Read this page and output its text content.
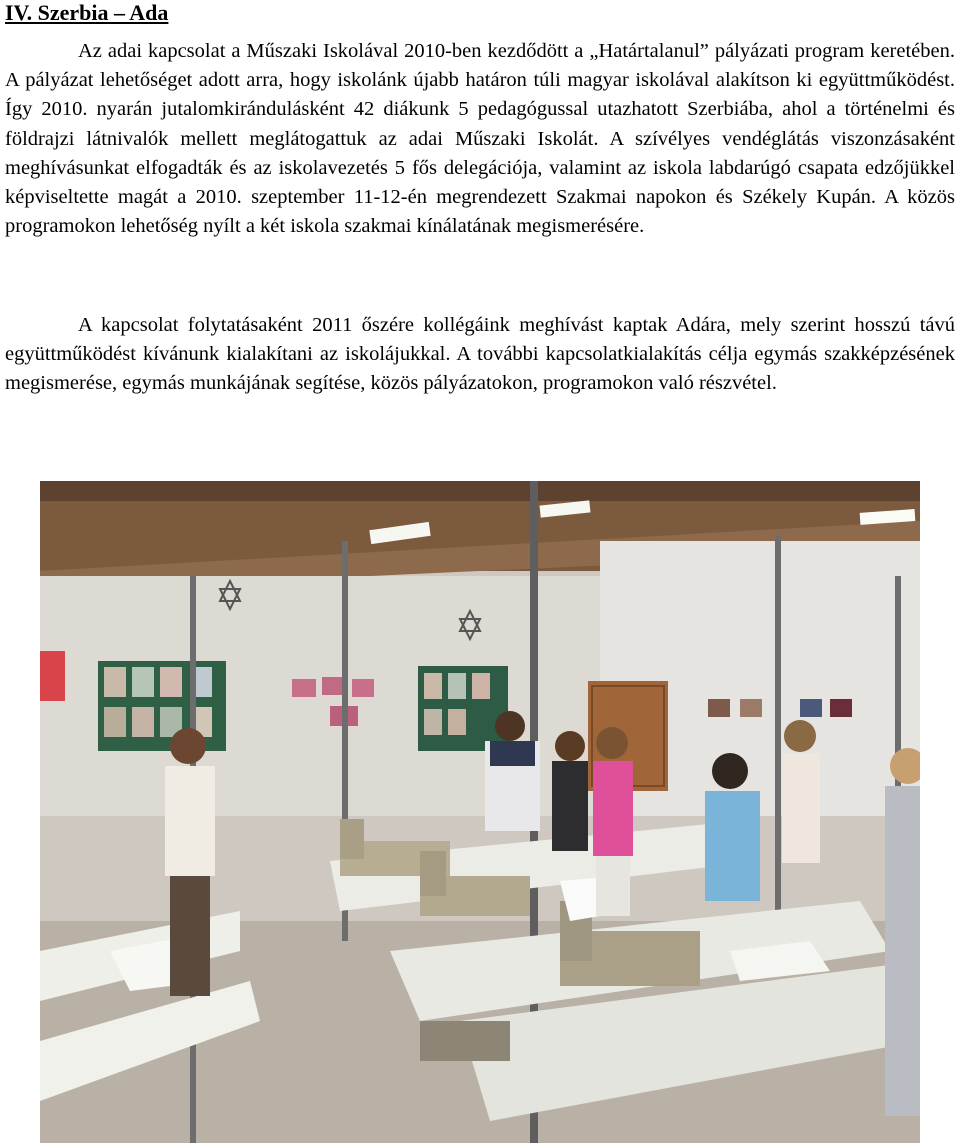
IV. Szerbia – Ada

Az adai kapcsolat a Műszaki Iskolával 2010-ben kezdődött a „Határtalanul” pályázati program keretében. A pályázat lehetőséget adott arra, hogy iskolánk újabb határon túli magyar iskolával alakítson ki együttműködést. Így 2010. nyarán jutalomkirándulásként 42 diákunk 5 pedagógussal utazhatott Szerbiába, ahol a történelmi és földrajzi látnivalók mellett meglátogattuk az adai Műszaki Iskolát. A szívélyes vendéglátás viszonzásaként meghívásunkat elfogadták és az iskolavezetés 5 fős delegációja, valamint az iskola labdarúgó csapata edzőjükkel képviseltette magát a 2010. szeptember 11-12-én megrendezett Szakmai napokon és Székely Kupán. A közös programokon lehetőség nyílt a két iskola szakmai kínálatának megismerésére.

A kapcsolat folytatásaként 2011 őszére kollégáink meghívást kaptak Adára, mely szerint hosszú távú együttműködést kívánunk kialakítani az iskolájukkal. A további kapcsolatkialakítás célja egymás szakképzésének megismerése, egymás munkájának segítése, közös pályázatokon, programokon való részvétel.
